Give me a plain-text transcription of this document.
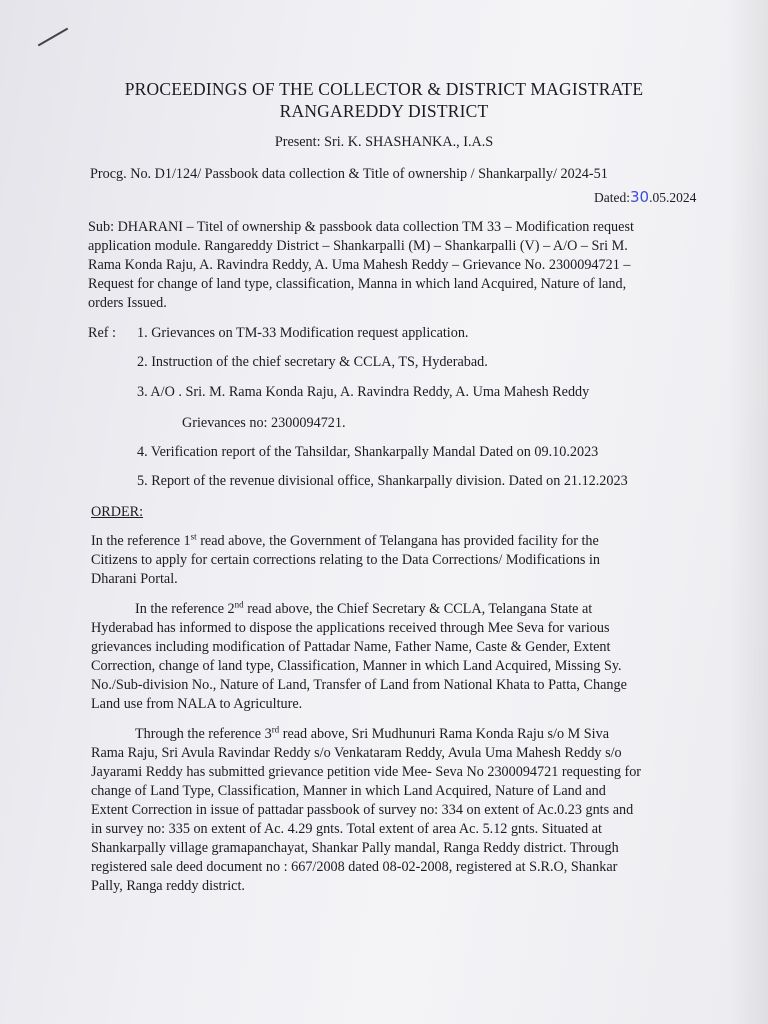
PROCEEDINGS OF THE COLLECTOR & DISTRICT MAGISTRATE
RANGAREDDY DISTRICT
Present: Sri. K. SHASHANKA., I.A.S
Procg. No. D1/124/ Passbook data collection & Title of ownership / Shankarpally/ 2024-51
Dated:30.05.2024
Sub: DHARANI – Titel of ownership & passbook data collection TM 33 – Modification request
application module. Rangareddy District – Shankarpalli (M) – Shankarpalli (V) – A/O – Sri M.
Rama Konda Raju, A. Ravindra Reddy, A. Uma Mahesh Reddy – Grievance No. 2300094721 –
Request for change of land type, classification, Manna in which land Acquired, Nature of land,
orders Issued.
Ref : 1. Grievances on TM-33 Modification request application.
2. Instruction of the chief secretary & CCLA, TS, Hyderabad.
3. A/O . Sri. M. Rama Konda Raju, A. Ravindra Reddy, A. Uma Mahesh Reddy
Grievances no: 2300094721.
4. Verification report of the Tahsildar, Shankarpally Mandal Dated on 09.10.2023
5. Report of the revenue divisional office, Shankarpally division. Dated on 21.12.2023
ORDER:
In the reference 1st read above, the Government of Telangana has provided facility for the
Citizens to apply for certain corrections relating to the Data Corrections/ Modifications in
Dharani Portal.
In the reference 2nd read above, the Chief Secretary & CCLA, Telangana State at
Hyderabad has informed to dispose the applications received through Mee Seva for various
grievances including modification of Pattadar Name, Father Name, Caste & Gender, Extent
Correction, change of land type, Classification, Manner in which Land Acquired, Missing Sy.
No./Sub-division No., Nature of Land, Transfer of Land from National Khata to Patta, Change
Land use from NALA to Agriculture.
Through the reference 3rd read above, Sri Mudhunuri Rama Konda Raju s/o M Siva
Rama Raju, Sri Avula Ravindar Reddy s/o Venkataram Reddy, Avula Uma Mahesh Reddy s/o
Jayarami Reddy has submitted grievance petition vide Mee- Seva No 2300094721 requesting for
change of Land Type, Classification, Manner in which Land Acquired, Nature of Land and
Extent Correction in issue of pattadar passbook of survey no: 334 on extent of Ac.0.23 gnts and
in survey no: 335 on extent of Ac. 4.29 gnts. Total extent of area Ac. 5.12 gnts. Situated at
Shankarpally village gramapanchayat, Shankar Pally mandal, Ranga Reddy district. Through
registered sale deed document no : 667/2008 dated 08-02-2008, registered at S.R.O, Shankar
Pally, Ranga reddy district.
